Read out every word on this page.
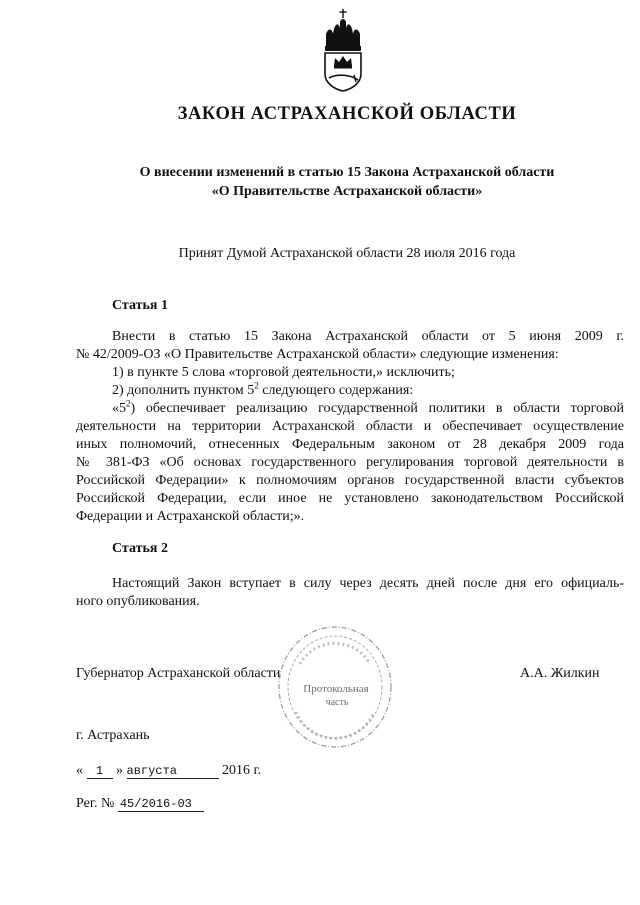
ЗАКОН АСТРАХАНСКОЙ ОБЛАСТИ
О внесении изменений в статью 15 Закона Астраханской области
«О Правительстве Астраханской области»
Принят Думой Астраханской области 28 июля 2016 года
Статья 1
Внести в статью 15 Закона Астраханской области от 5 июня 2009 г.
№ 42/2009-ОЗ «О Правительстве Астраханской области» следующие изменения:
1) в пункте 5 слова «торговой деятельности,» исключить;
2) дополнить пунктом $5^2$ следующего содержания:
«$5^2$) обеспечивает реализацию государственной политики в области торговой
деятельности на территории Астраханской области и обеспечивает осуществление
иных полномочий, отнесенных Федеральным законом от 28 декабря 2009 года
№ 381-ФЗ «Об основах государственного регулирования торговой деятельности в
Российской Федерации» к полномочиям органов государственной власти субъектов
Российской Федерации, если иное не установлено законодательством Российской
Федерации и Астраханской области;».
Статья 2
Настоящий Закон вступает в силу через десять дней после дня его официаль-
ного опубликования.
Протокольная
часть
Губернатор Астраханской области	А.А. Жилкин
г. Астрахань
« 1 » августа	2016 г.
Рег. № 45/2016-03
